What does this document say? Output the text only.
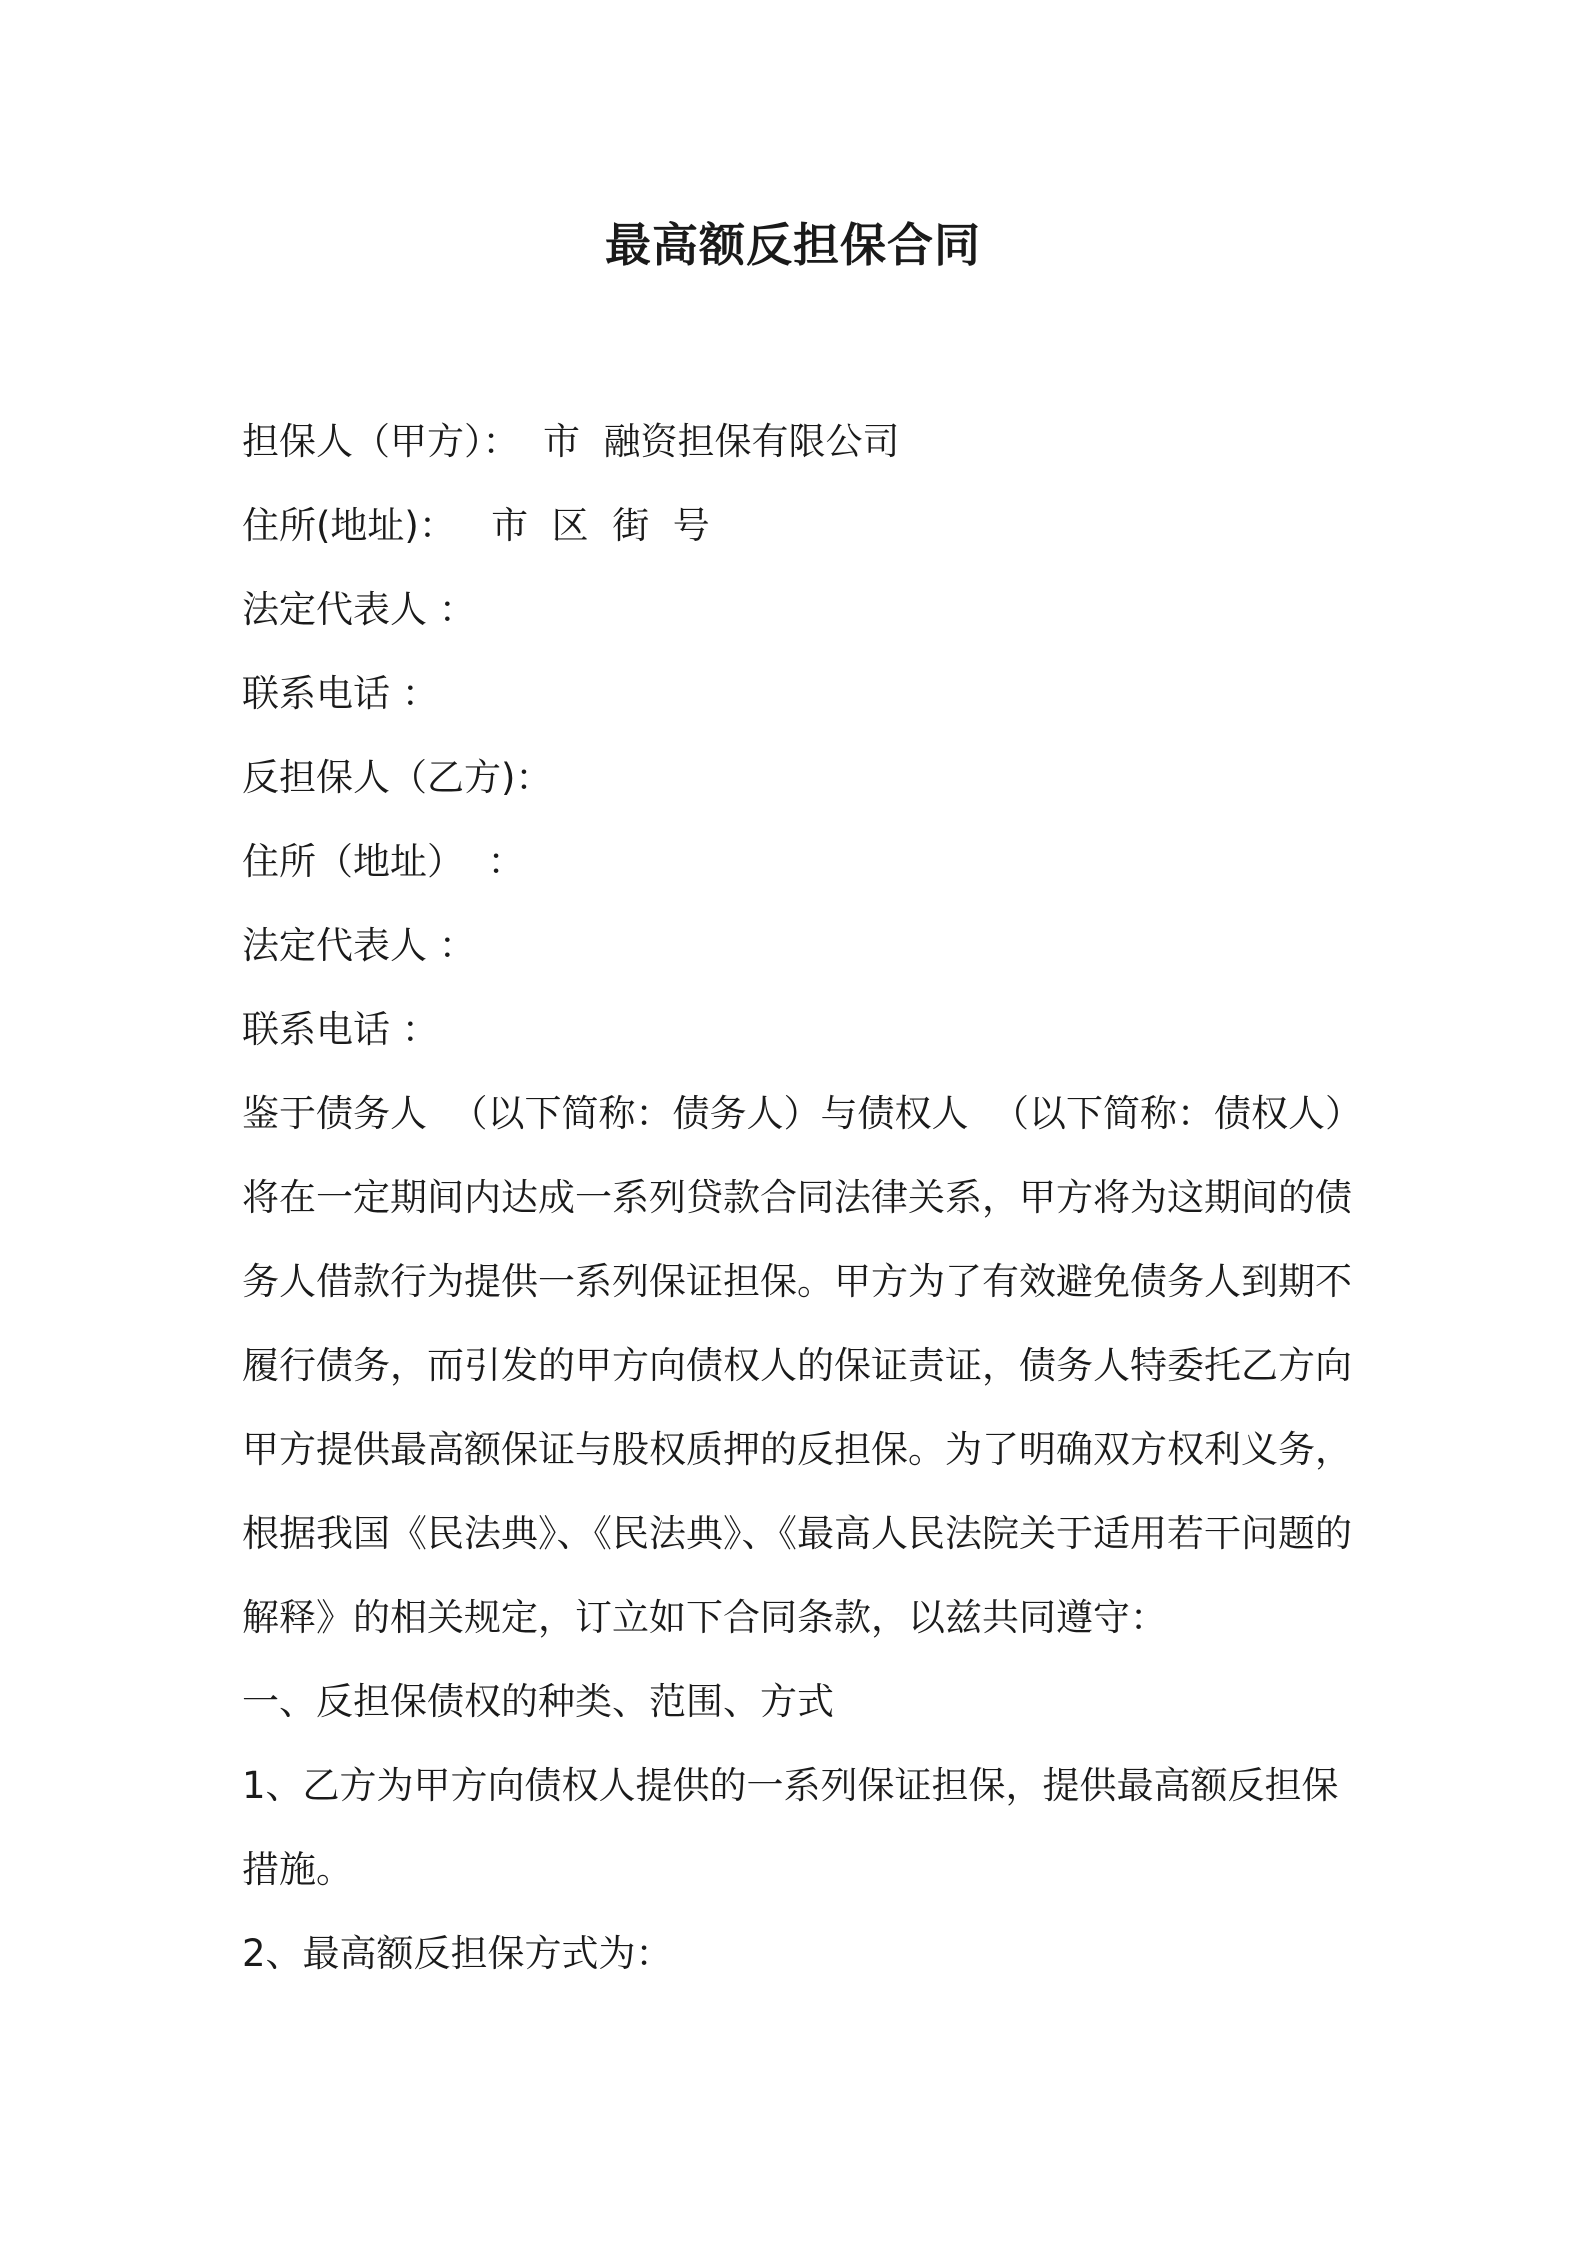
最高额反担保合同
担保人（甲方）：  市  融资担保有限公司
住所(地址)：   市  区  街  号
法定代表人 ：
联系电话 ：
反担保人（乙方)：
住所（地址）  ：
法定代表人 ：
联系电话 ：
鉴于债务人  （以下简称：债务人）与债权人  （以下简称：债权人）
将在一定期间内达成一系列贷款合同法律关系，甲方将为这期间的债
务人借款行为提供一系列保证担保。甲方为了有效避免债务人到期不
履行债务，而引发的甲方向债权人的保证责证，债务人特委托乙方向
甲方提供最高额保证与股权质押的反担保。为了明确双方权利义务，
根据我国《民法典》、《民法典》、《最高人民法院关于适用若干问题的
解释》的相关规定，订立如下合同条款，以兹共同遵守：
一、反担保债权的种类、范围、方式
1、乙方为甲方向债权人提供的一系列保证担保，提供最高额反担保
措施。
2、最高额反担保方式为：
